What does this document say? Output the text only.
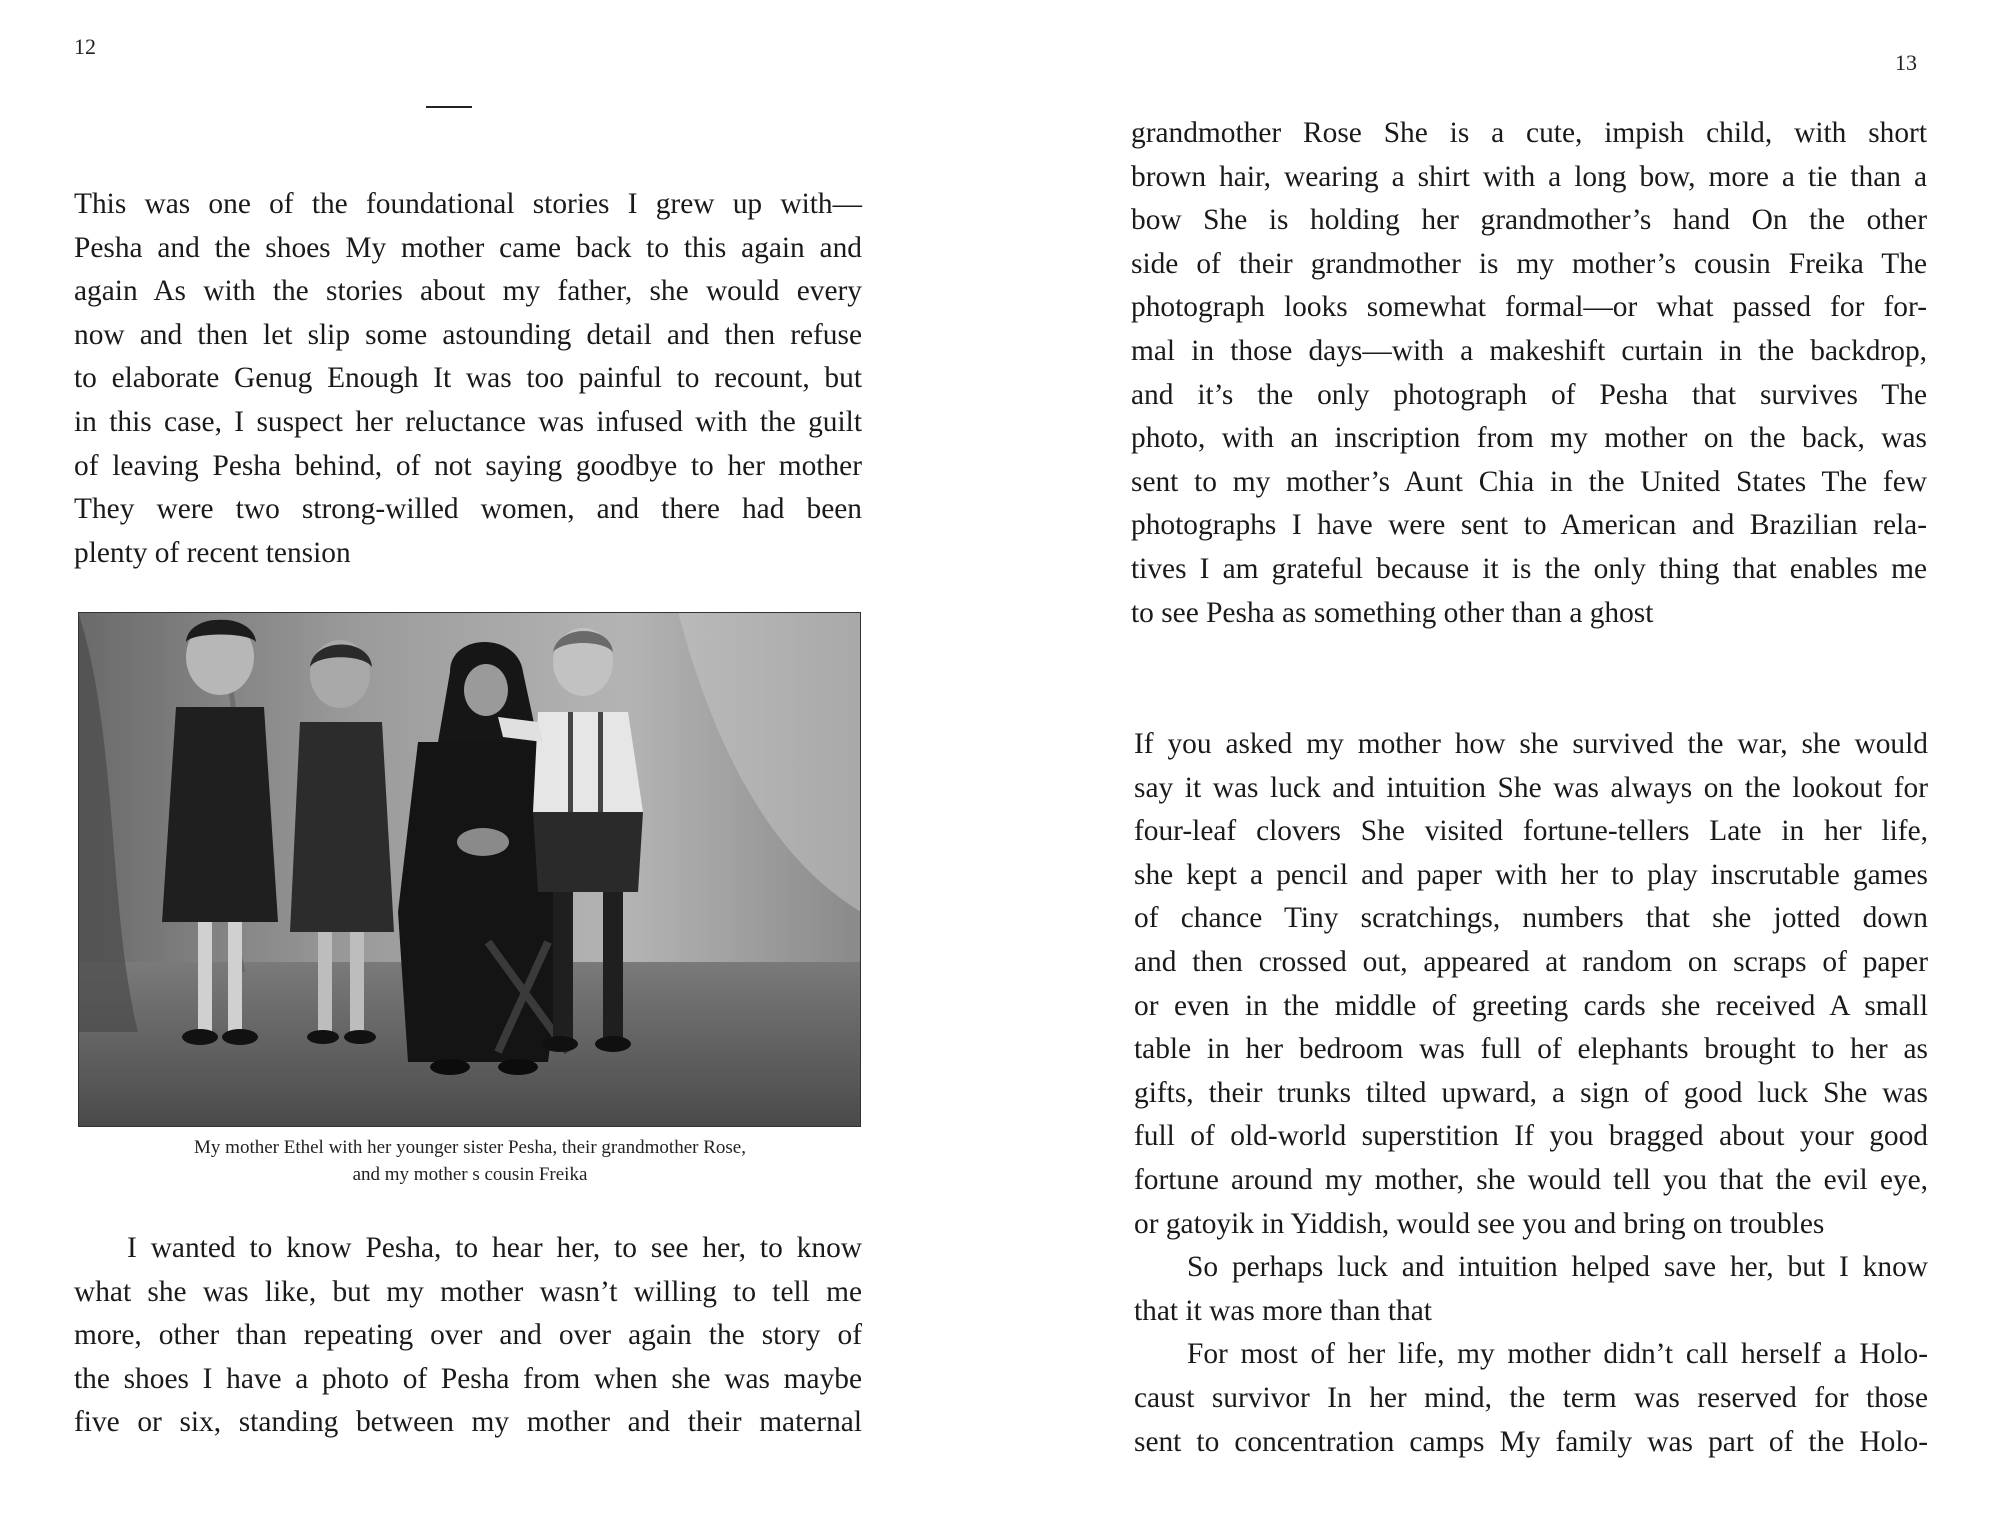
12

This was one of the foundational stories I grew up with—
Pesha and the shoes My mother came back to this again and
again As with the stories about my father, she would every
now and then let slip some astounding detail and then refuse
to elaborate Genug Enough It was too painful to recount, but
in this case, I suspect her reluctance was infused with the guilt
of leaving Pesha behind, of not saying goodbye to her mother
They were two strong-willed women, and there had been
plenty of recent tension

My mother Ethel with her younger sister Pesha, their grandmother Rose,
and my mother s cousin Freika

I wanted to know Pesha, to hear her, to see her, to know
what she was like, but my mother wasn’t willing to tell me
more, other than repeating over and over again the story of
the shoes I have a photo of Pesha from when she was maybe
five or six, standing between my mother and their maternal

13

grandmother Rose She is a cute, impish child, with short
brown hair, wearing a shirt with a long bow, more a tie than a
bow She is holding her grandmother’s hand On the other
side of their grandmother is my mother’s cousin Freika The
photograph looks somewhat formal—or what passed for for-
mal in those days—with a makeshift curtain in the backdrop,
and it’s the only photograph of Pesha that survives The
photo, with an inscription from my mother on the back, was
sent to my mother’s Aunt Chia in the United States The few
photographs I have were sent to American and Brazilian rela-
tives I am grateful because it is the only thing that enables me
to see Pesha as something other than a ghost

If you asked my mother how she survived the war, she would
say it was luck and intuition She was always on the lookout for
four-leaf clovers She visited fortune-tellers Late in her life,
she kept a pencil and paper with her to play inscrutable games
of chance Tiny scratchings, numbers that she jotted down
and then crossed out, appeared at random on scraps of paper
or even in the middle of greeting cards she received A small
table in her bedroom was full of elephants brought to her as
gifts, their trunks tilted upward, a sign of good luck She was
full of old-world superstition If you bragged about your good
fortune around my mother, she would tell you that the evil eye,
or gatoyik in Yiddish, would see you and bring on troubles
So perhaps luck and intuition helped save her, but I know
that it was more than that
For most of her life, my mother didn’t call herself a Holo-
caust survivor In her mind, the term was reserved for those
sent to concentration camps My family was part of the Holo-
